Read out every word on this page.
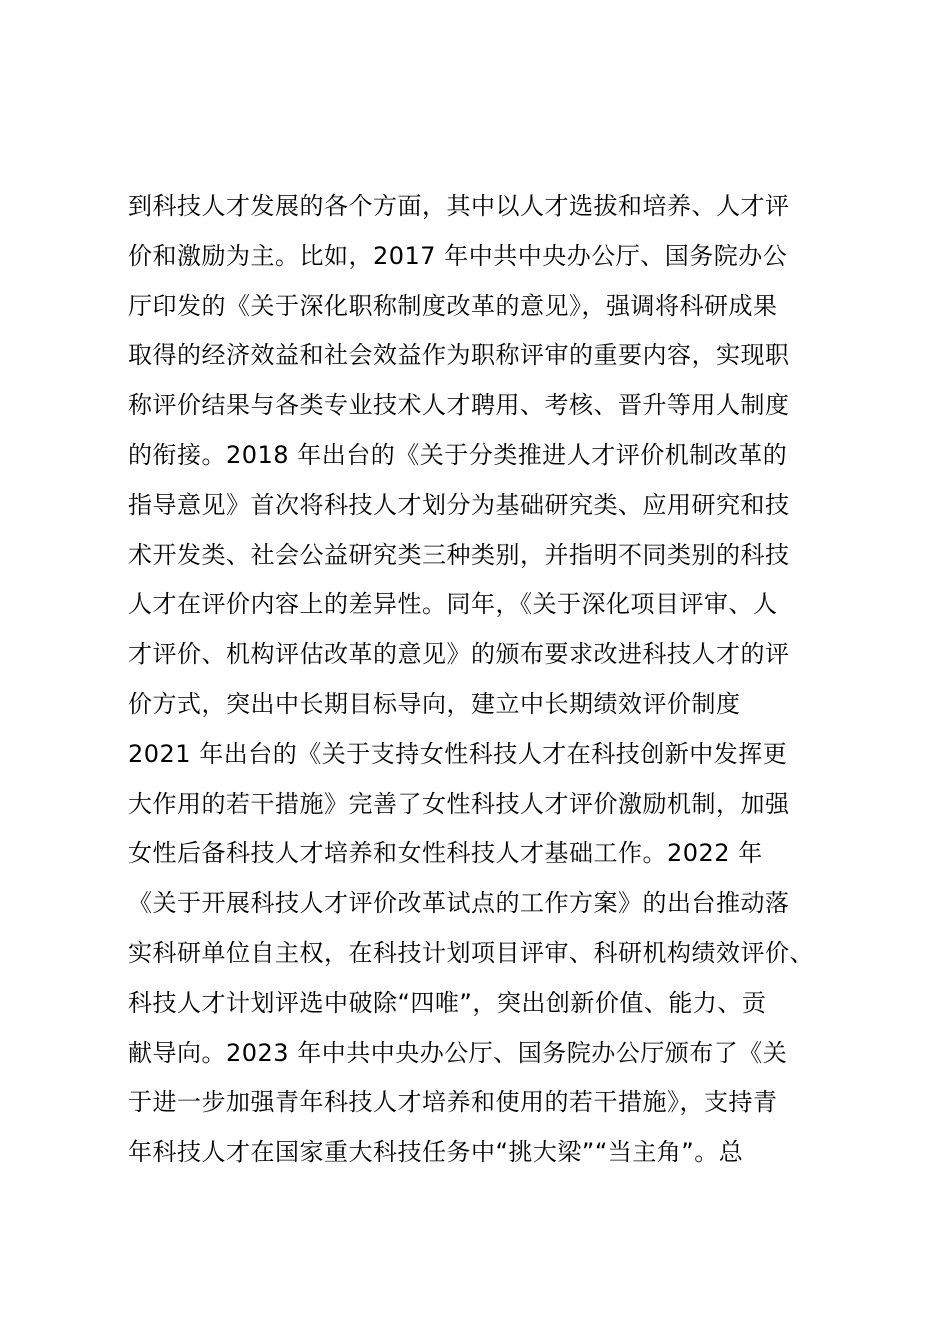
到科技人才发展的各个方面，其中以人才选拔和培养、人才评
价和激励为主。比如，2017 年中共中央办公厅、国务院办公
厅印发的《关于深化职称制度改革的意见》，强调将科研成果
取得的经济效益和社会效益作为职称评审的重要内容，实现职
称评价结果与各类专业技术人才聘用、考核、晋升等用人制度
的衔接。2018 年出台的《关于分类推进人才评价机制改革的
指导意见》首次将科技人才划分为基础研究类、应用研究和技
术开发类、社会公益研究类三种类别，并指明不同类别的科技
人才在评价内容上的差异性。同年，《关于深化项目评审、人
才评价、机构评估改革的意见》的颁布要求改进科技人才的评
价方式，突出中长期目标导向，建立中长期绩效评价制度
2021 年出台的《关于支持女性科技人才在科技创新中发挥更
大作用的若干措施》完善了女性科技人才评价激励机制，加强
女性后备科技人才培养和女性科技人才基础工作。2022 年
《关于开展科技人才评价改革试点的工作方案》的出台推动落
实科研单位自主权，在科技计划项目评审、科研机构绩效评价、
科技人才计划评选中破除“四唯”，突出创新价值、能力、贡
献导向。2023 年中共中央办公厅、国务院办公厅颁布了《关
于进一步加强青年科技人才培养和使用的若干措施》，支持青
年科技人才在国家重大科技任务中“挑大梁”“当主角”。总
